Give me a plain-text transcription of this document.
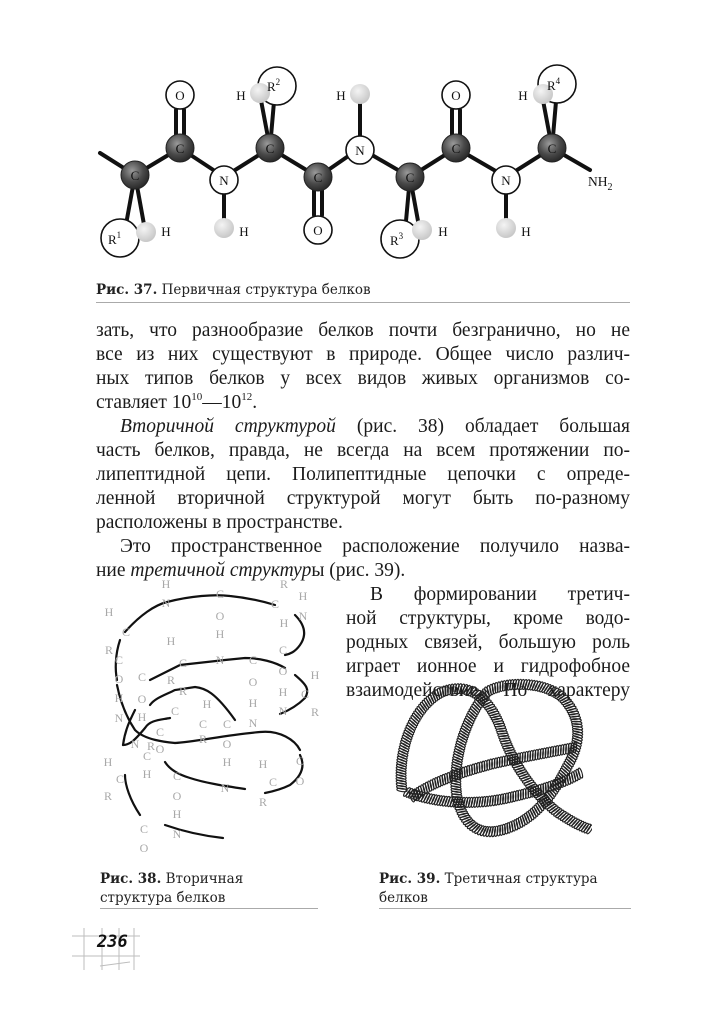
C
C	C
C	C
C	C
O
O
O
N
N
N
H	H
H	H
H	H
H
$R^1$
$R^2$
$R^3$
$R^4$
$NH_2$
Рис. 37. Первичная структура белков
зать, что разнообразие белков почти безгранично, но не
все из них существуют в природе. Общее число различ-
ных типов белков у всех видов живых организмов со-
ставляет $10^{10}—10^{12}$.
Вторичной структурой (рис. 38) обладает большая
часть белков, правда, не всегда на всем протяжении по-
липептидной цепи. Полипептидные цепочки с опреде-
ленной вторичной структурой могут быть по-разному
расположены в пространстве.
Это пространственное расположение получило назва-
ние третичной структуры (рис. 39).
В формировании третич-
ной структуры, кроме водо-
родных связей, большую роль
играет ионное и гидрофобное
взаимодействие. По характеру
H
N
C
O
H
R
C
H
H
N
H
C
R
C
H
C
R
N C
O
H
C
O
H
N
H
C
R
O
H
N
C
O
H
R
C H
C
R
C
O
H
N
C
O
N R
C
H
H
C
R
C
O
H
N
H
C
R
C
O
C
O
N
Рис. 38. Вторичная
структура белков
Рис. 39. Третичная структура
белков
236
